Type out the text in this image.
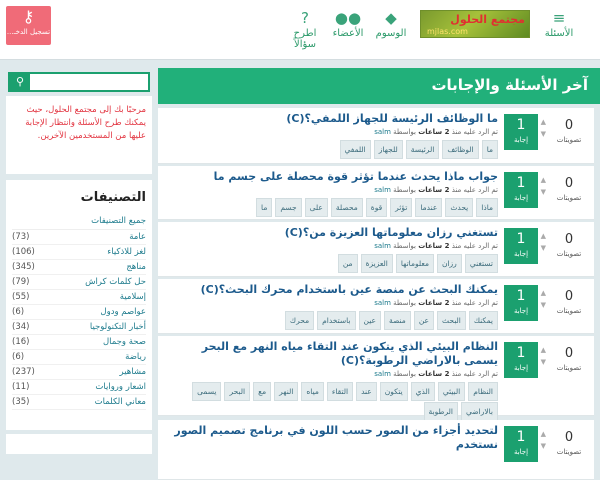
مجتمع الحلول
mjlas.com
≡
الأسئلة
◆
الوسوم
●●
الأعضاء
?
اطرح سؤالاً
⚷
تسجيل الدخـ...
⚲
مرحبًا بك إلى مجتمع الحلول، حيث يمكنك طرح الأسئلة وانتظار الإجابة عليها من المستخدمين الآخرين.
التصنيفات
جميع التصنيفات
عامة
(73)
لغز للاذكياء
(106)
مناهج
(345)
حل كلمات كراش
(79)
إسلامية
(55)
عواصم ودول
(6)
أخبار التكنولوجيا
(34)
صحة وجمال
(16)
رياضة
(6)
مشاهير
(237)
اشعار وروايات
(11)
معاني الكلمات
(35)
آخر الأسئلة والإجابات
0
تصويتات
▲
▼
1
إجابة
ما الوظائف الرئيسة للجهاز اللمفي؟(C)
تم الرد عليه منذ 2 ساعات بواسطة salm
ماالوظائفالرئيسةللجهازاللمفي
0
تصويتات
▲
▼
1
إجابة
جواب ماذا يحدث عندما تؤثر قوة محصلة على جسم ما
تم الرد عليه منذ 2 ساعات بواسطة salm
ماذايحدثعندماتؤثرقوةمحصلةعلىجسمما
0
تصويتات
▲
▼
1
إجابة
تستغني رزان معلوماتها العزيزة من؟(C)
تم الرد عليه منذ 2 ساعات بواسطة salm
تستغنيرزانمعلوماتهاالعزيزةمن
0
تصويتات
▲
▼
1
إجابة
يمكنك البحث عن منصة عين باستخدام محرك البحث؟(C)
تم الرد عليه منذ 2 ساعات بواسطة salm
يمكنكالبحثعنمنصةعينباستخداممحرك
0
تصويتات
▲
▼
1
إجابة
النظام البيئي الذي يتكون عند التقاء مياه النهر مع البحر يسمى بالاراضي الرطوبة؟(C)
تم الرد عليه منذ 2 ساعات بواسطة salm
النظامالبيئيالذييتكونعندالتقاءمياهالنهرمعالبحريسمىبالاراضيالرطوبة
0
تصويتات
▲
▼
1
إجابة
لتحديد أجزاء من الصور حسب اللون في برنامج تصميم الصور نستخدم
